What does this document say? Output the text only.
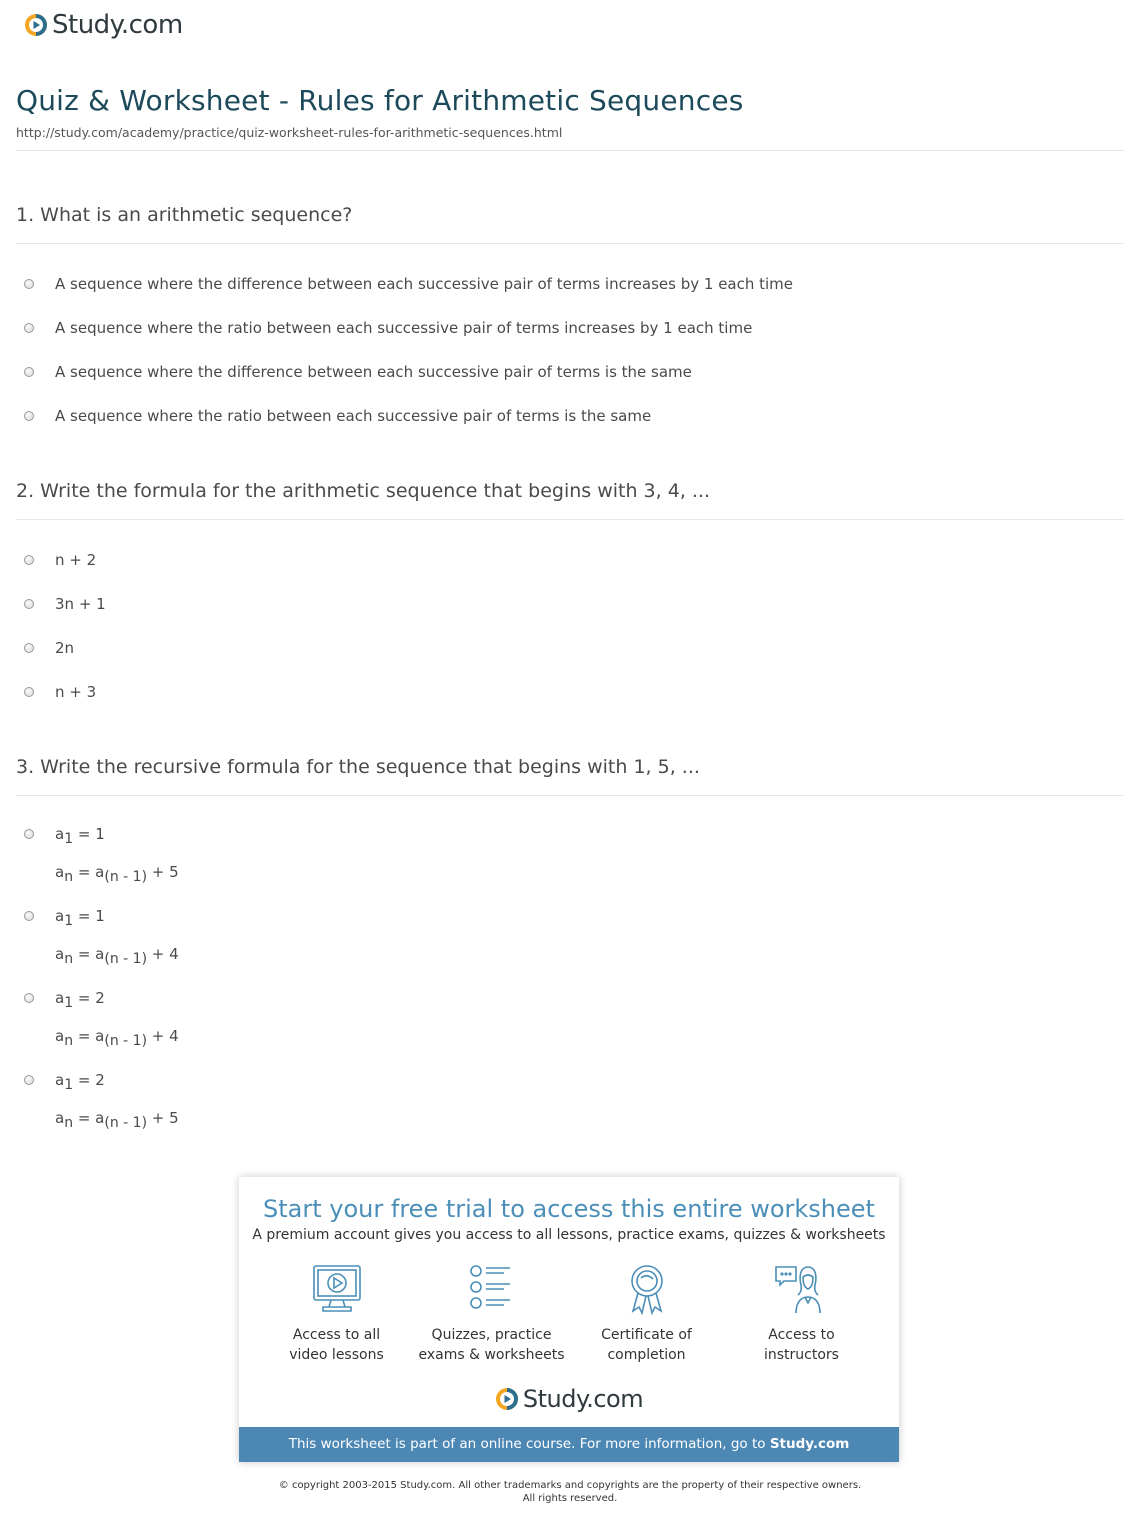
Study.com
Quiz & Worksheet - Rules for Arithmetic Sequences
http://study.com/academy/practice/quiz-worksheet-rules-for-arithmetic-sequences.html
1. What is an arithmetic sequence?
A sequence where the difference between each successive pair of terms increases by 1 each time
A sequence where the ratio between each successive pair of terms increases by 1 each time
A sequence where the difference between each successive pair of terms is the same
A sequence where the ratio between each successive pair of terms is the same
2. Write the formula for the arithmetic sequence that begins with 3, 4, ...
n + 2
3n + 1
2n
n + 3
3. Write the recursive formula for the sequence that begins with 1, 5, ...
$a_1 = 1$
$a_n = a_{(n - 1)} + 5$
$a_1 = 1$
$a_n = a_{(n - 1)} + 4$
$a_1 = 2$
$a_n = a_{(n - 1)} + 4$
$a_1 = 2$
$a_n = a_{(n - 1)} + 5$
Start your free trial to access this entire worksheet
A premium account gives you access to all lessons, practice exams, quizzes & worksheets
Access to all
video lessons
Quizzes, practice
exams & worksheets
Certificate of
completion
Access to
instructors
Study.com
This worksheet is part of an online course. For more information, go to Study.com
© copyright 2003-2015 Study.com. All other trademarks and copyrights are the property of their respective owners.
All rights reserved.
